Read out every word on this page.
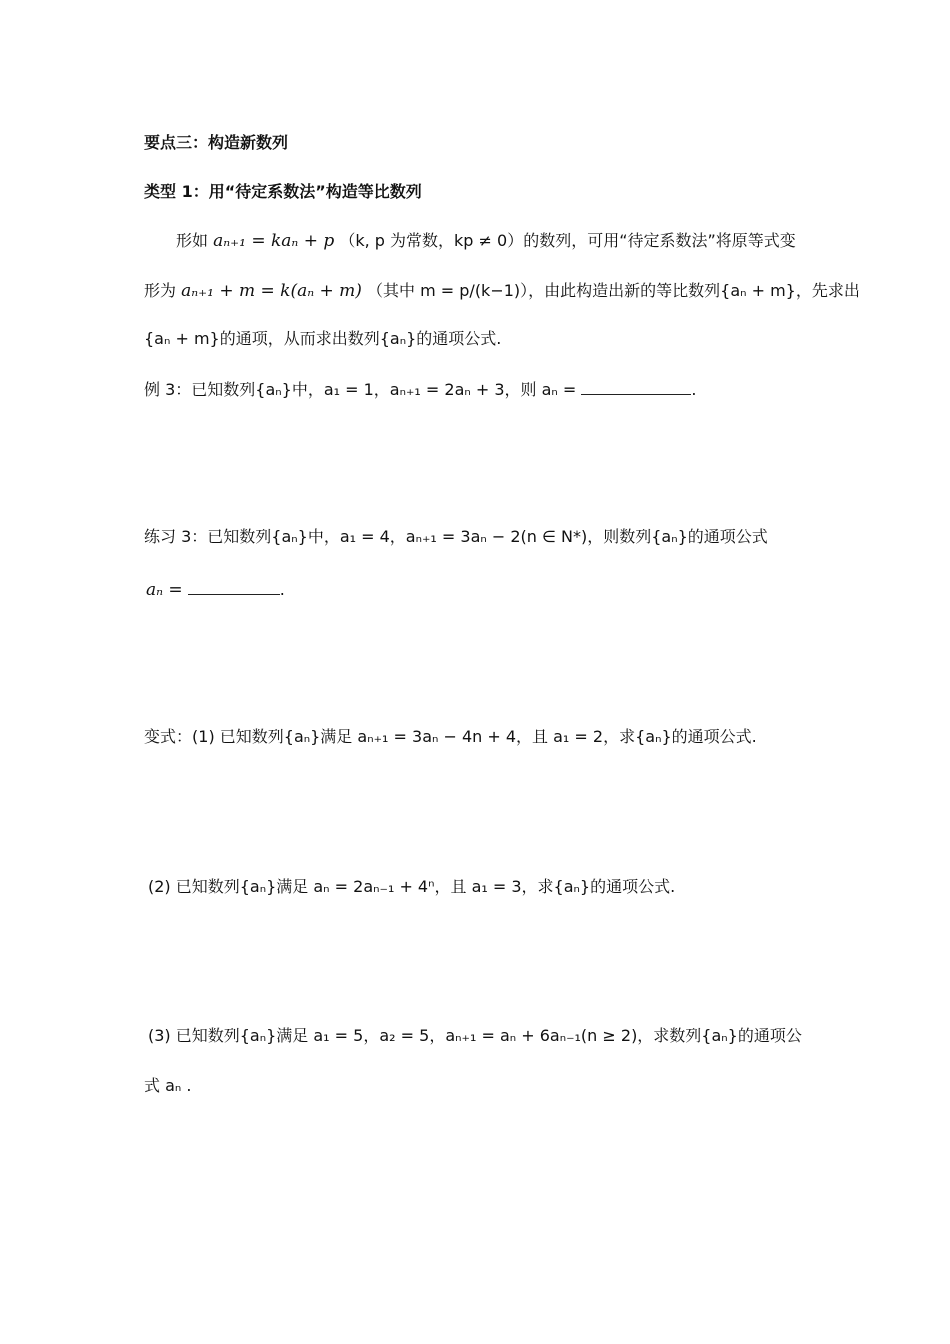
要点三：构造新数列
类型 1：用“待定系数法”构造等比数列
形如 aₙ₊₁ = kaₙ + p （k, p 为常数，kp ≠ 0）的数列，可用“待定系数法”将原等式变
形为 aₙ₊₁ + m = k(aₙ + m) （其中 m = p/(k−1)），由此构造出新的等比数列{aₙ + m}，先求出
{aₙ + m}的通项，从而求出数列{aₙ}的通项公式.
例 3：已知数列{aₙ}中，a₁ = 1，aₙ₊₁ = 2aₙ + 3，则 aₙ =	.
练习 3：已知数列{aₙ}中，a₁ = 4，aₙ₊₁ = 3aₙ − 2(n ∈ N*)，则数列{aₙ}的通项公式
aₙ =	.
变式：(1) 已知数列{aₙ}满足 aₙ₊₁ = 3aₙ − 4n + 4，且 a₁ = 2，求{aₙ}的通项公式.
(2) 已知数列{aₙ}满足 aₙ = 2aₙ₋₁ + 4ⁿ，且 a₁ = 3，求{aₙ}的通项公式.
(3) 已知数列{aₙ}满足 a₁ = 5，a₂ = 5，aₙ₊₁ = aₙ + 6aₙ₋₁(n ≥ 2)，求数列{aₙ}的通项公
式 aₙ .
